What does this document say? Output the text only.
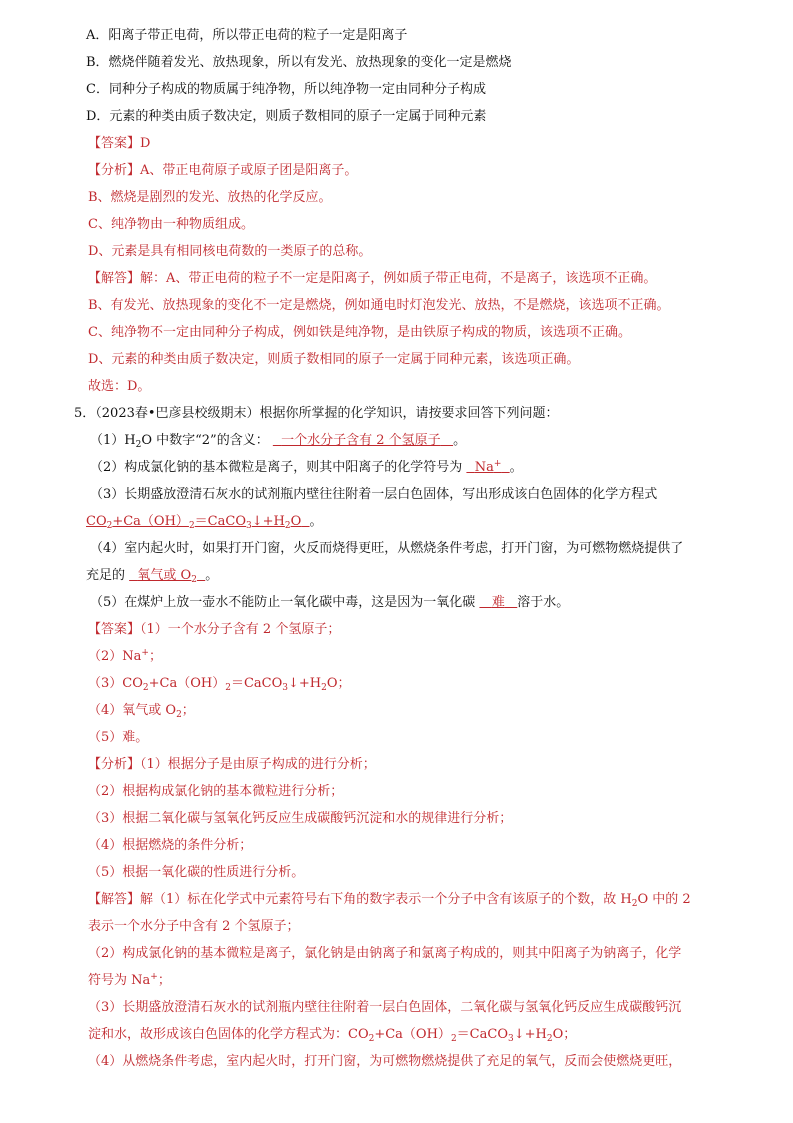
A．阳离子带正电荷，所以带正电荷的粒子一定是阳离子
B．燃烧伴随着发光、放热现象，所以有发光、放热现象的变化一定是燃烧
C．同种分子构成的物质属于纯净物，所以纯净物一定由同种分子构成
D．元素的种类由质子数决定，则质子数相同的原子一定属于同种元素
【答案】D
【分析】A、带正电荷原子或原子团是阳离子。
B、燃烧是剧烈的发光、放热的化学反应。
C、纯净物由一种物质组成。
D、元素是具有相同核电荷数的一类原子的总称。
【解答】解：A、带正电荷的粒子不一定是阳离子，例如质子带正电荷，不是离子，该选项不正确。
B、有发光、放热现象的变化不一定是燃烧，例如通电时灯泡发光、放热，不是燃烧，该选项不正确。
C、纯净物不一定由同种分子构成，例如铁是纯净物，是由铁原子构成的物质，该选项不正确。
D、元素的种类由质子数决定，则质子数相同的原子一定属于同种元素，该选项正确。
故选：D。
5．（2023春•巴彦县校级期末）根据你所掌握的化学知识，请按要求回答下列问题：
$(1)H_2O$ 中数字“2”的含义： 一个水分子含有 2 个氢原子 。
（2）构成氯化钠的基本微粒是离子，则其中阳离子的化学符号为 Na+ 。
（3）长期盛放澄清石灰水的试剂瓶内壁往往附着一层白色固体，写出形成该白色固体的化学方程式
$CO_2+Ca(OH)_2=CaCO_3↓+H_2O$ 。
（4）室内起火时，如果打开门窗，火反而烧得更旺，从燃烧条件考虑，打开门窗，为可燃物燃烧提供了
充足的 氧气或 $O_2$ 。
（5）在煤炉上放一壶水不能防止一氧化碳中毒，这是因为一氧化碳 难 溶于水。
【答案】（1）一个水分子含有 2 个氢原子；
（2）Na+；
$(3)CO_2+Ca(OH)_2=CaCO_3↓+H_2O$；
（4）氧气或 $O_2$；
（5）难。
【分析】（1）根据分子是由原子构成的进行分析；
（2）根据构成氯化钠的基本微粒进行分析；
（3）根据二氧化碳与氢氧化钙反应生成碳酸钙沉淀和水的规律进行分析；
（4）根据燃烧的条件分析；
（5）根据一氧化碳的性质进行分析。
【解答】解（1）标在化学式中元素符号右下角的数字表示一个分子中含有该原子的个数，故 $H_2O$ 中的 2
表示一个水分子中含有 2 个氢原子；
（2）构成氯化钠的基本微粒是离子，氯化钠是由钠离子和氯离子构成的，则其中阳离子为钠离子，化学
符号为 Na+；
（3）长期盛放澄清石灰水的试剂瓶内壁往往附着一层白色固体，二氧化碳与氢氧化钙反应生成碳酸钙沉
淀和水，故形成该白色固体的化学方程式为：$CO_2+Ca(OH)_2=CaCO_3↓+H_2O$；
（4）从燃烧条件考虑，室内起火时，打开门窗，为可燃物燃烧提供了充足的氧气，反而会使燃烧更旺，
